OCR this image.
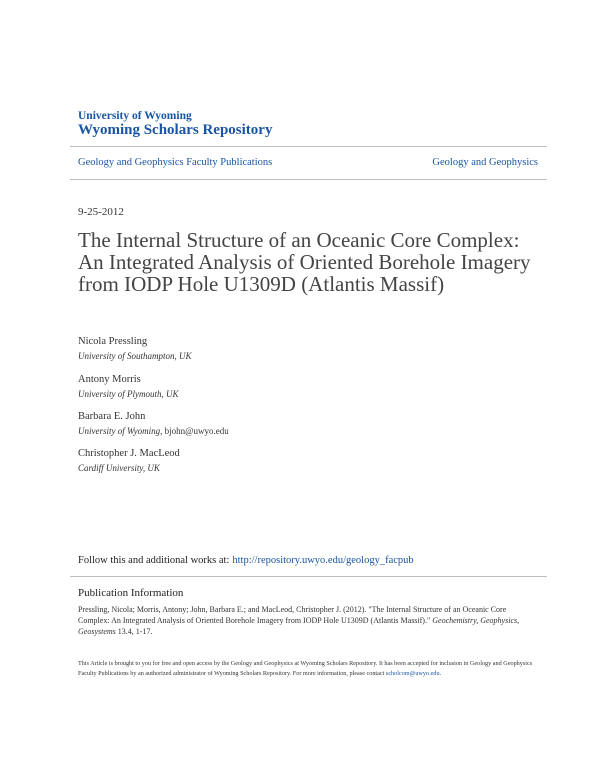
University of Wyoming
Wyoming Scholars Repository
Geology and Geophysics Faculty Publications	Geology and Geophysics
9-25-2012
The Internal Structure of an Oceanic Core Complex: An Integrated Analysis of Oriented Borehole Imagery from IODP Hole U1309D (Atlantis Massif)
Nicola Pressling
University of Southampton, UK
Antony Morris
University of Plymouth, UK
Barbara E. John
University of Wyoming, bjohn@uwyo.edu
Christopher J. MacLeod
Cardiff University, UK
Follow this and additional works at: http://repository.uwyo.edu/geology_facpub
Publication Information
Pressling, Nicola; Morris, Antony; John, Barbara E.; and MacLeod, Christopher J. (2012). "The Internal Structure of an Oceanic Core Complex: An Integrated Analysis of Oriented Borehole Imagery from IODP Hole U1309D (Atlantis Massif)." Geochemistry, Geophysics, Geosystems 13.4, 1-17.
This Article is brought to you for free and open access by the Geology and Geophysics at Wyoming Scholars Repository. It has been accepted for inclusion in Geology and Geophysics Faculty Publications by an authorized administrator of Wyoming Scholars Repository. For more information, please contact scholcom@uwyo.edu.
